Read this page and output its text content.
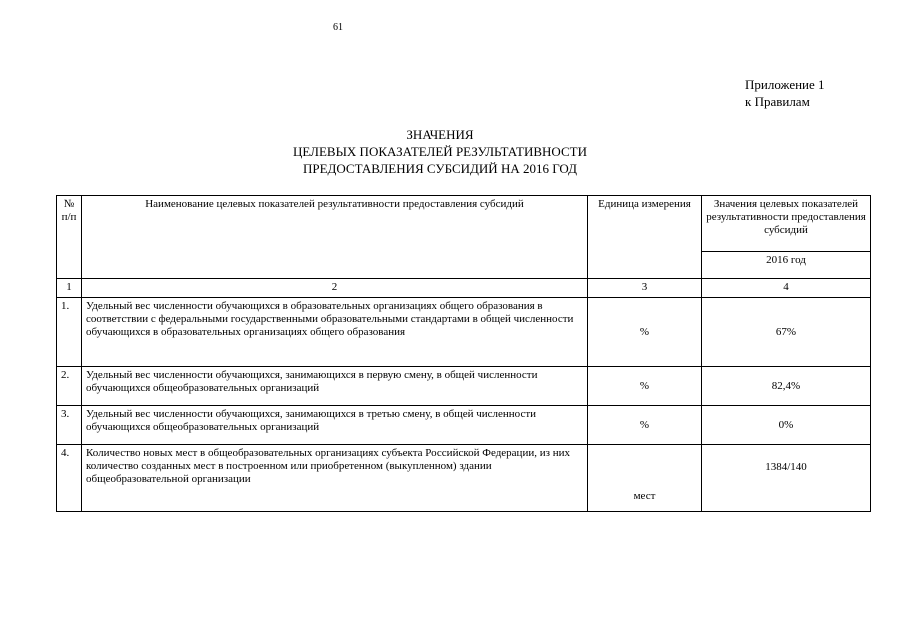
61
Приложение 1
к Правилам
ЗНАЧЕНИЯ
ЦЕЛЕВЫХ ПОКАЗАТЕЛЕЙ РЕЗУЛЬТАТИВНОСТИ
ПРЕДОСТАВЛЕНИЯ СУБСИДИЙ НА 2016 ГОД
№ п/п	Наименование целевых показателей результативности предоставления субсидий	Единица измерения	Значения целевых показателей результативности предоставления субсидий
			2016 год
1	2	3	4
1.	Удельный вес численности обучающихся в образовательных организациях общего образования в соответствии с федеральными государственными образовательными стандартами в общей численности обучающихся в образовательных организациях общего образования	%	67%
2.	Удельный вес численности обучающихся, занимающихся в первую смену, в общей численности обучающихся общеобразовательных организаций	%	82,4%
3.	Удельный вес численности обучающихся, занимающихся в третью смену, в общей численности обучающихся общеобразовательных организаций	%	0%
4.	Количество новых мест в общеобразовательных организациях субъекта Российской Федерации, из них количество созданных мест в построенном или приобретенном (выкупленном) здании общеобразовательной организации	мест	1384/140
